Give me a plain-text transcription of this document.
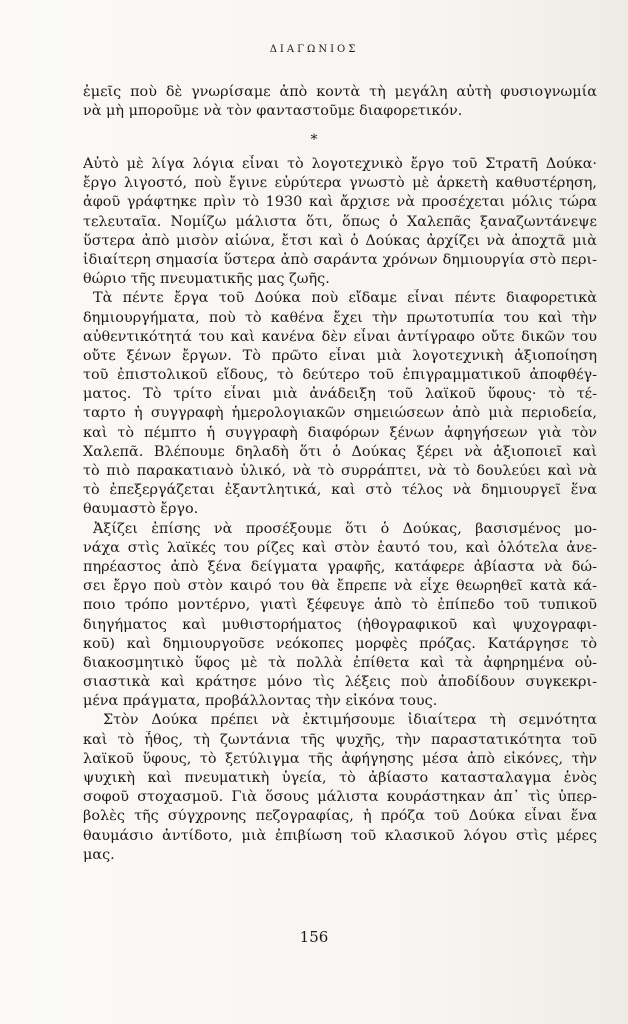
ΔΙΑΓΩΝΙΟΣ
ἐμεῖς ποὺ δὲ γνωρίσαμε ἀπὸ κοντὰ τὴ μεγάλη αὐτὴ φυσιογνωμία
νὰ μὴ μποροῦμε νὰ τὸν φανταστοῦμε διαφορετικόν.
*
Αὐτὸ μὲ λίγα λόγια εἶναι τὸ λογοτεχνικὸ ἔργο τοῦ Στρατῆ Δούκα·
ἔργο λιγοστό, ποὺ ἔγινε εὐρύτερα γνωστὸ μὲ ἀρκετὴ καθυστέρηση,
ἀφοῦ γράφτηκε πρὶν τὸ 1930 καὶ ἄρχισε νὰ προσέχεται μόλις τώρα
τελευταῖα. Νομίζω μάλιστα ὅτι, ὅπως ὁ Χαλεπᾶς ξαναζωντάνεψε
ὕστερα ἀπὸ μισὸν αἰώνα, ἔτσι καὶ ὁ Δούκας ἀρχίζει νὰ ἀποχτᾶ μιὰ
ἰδιαίτερη σημασία ὕστερα ἀπὸ σαράντα χρόνων δημιουργία στὸ περι-
θώριο τῆς πνευματικῆς μας ζωῆς.
Τὰ πέντε ἔργα τοῦ Δούκα ποὺ εἴδαμε εἶναι πέντε διαφορετικὰ
δημιουργήματα, ποὺ τὸ καθένα ἔχει τὴν πρωτοτυπία του καὶ τὴν
αὐθεντικότητά του καὶ κανένα δὲν εἶναι ἀντίγραφο οὔτε δικῶν του
οὔτε ξένων ἔργων. Τὸ πρῶτο εἶναι μιὰ λογοτεχνικὴ ἀξιοποίηση
τοῦ ἐπιστολικοῦ εἴδους, τὸ δεύτερο τοῦ ἐπιγραμματικοῦ ἀποφθέγ-
ματος. Τὸ τρίτο εἶναι μιὰ ἀνάδειξη τοῦ λαϊκοῦ ὕφους· τὸ τέ-
ταρτο ἡ συγγραφὴ ἡμερολογιακῶν σημειώσεων ἀπὸ μιὰ περιοδεία,
καὶ τὸ πέμπτο ἡ συγγραφὴ διαφόρων ξένων ἀφηγήσεων γιὰ τὸν
Χαλεπᾶ. Βλέπουμε δηλαδὴ ὅτι ὁ Δούκας ξέρει νὰ ἀξιοποιεῖ καὶ
τὸ πιὸ παρακατιανὸ ὑλικό, νὰ τὸ συρράπτει, νὰ τὸ δουλεύει καὶ νὰ
τὸ ἐπεξεργάζεται ἐξαντλητικά, καὶ στὸ τέλος νὰ δημιουργεῖ ἕνα
θαυμαστὸ ἔργο.
Ἀξίζει ἐπίσης νὰ προσέξουμε ὅτι ὁ Δούκας, βασισμένος μο-
νάχα στὶς λαϊκές του ρίζες καὶ στὸν ἑαυτό του, καὶ ὁλότελα ἀνε-
πηρέαστος ἀπὸ ξένα δείγματα γραφῆς, κατάφερε ἀβίαστα νὰ δώ-
σει ἔργο ποὺ στὸν καιρό του θὰ ἔπρεπε νὰ εἶχε θεωρηθεῖ κατὰ κά-
ποιο τρόπο μοντέρνο, γιατὶ ξέφευγε ἀπὸ τὸ ἐπίπεδο τοῦ τυπικοῦ
διηγήματος καὶ μυθιστορήματος (ἠθογραφικοῦ καὶ ψυχογραφι-
κοῦ) καὶ δημιουργοῦσε νεόκοπες μορφὲς πρόζας. Κατάργησε τὸ
διακοσμητικὸ ὕφος μὲ τὰ πολλὰ ἐπίθετα καὶ τὰ ἀφηρημένα οὐ-
σιαστικὰ καὶ κράτησε μόνο τὶς λέξεις ποὺ ἀποδίδουν συγκεκρι-
μένα πράγματα, προβάλλοντας τὴν εἰκόνα τους.
Στὸν Δούκα πρέπει νὰ ἐκτιμήσουμε ἰδιαίτερα τὴ σεμνότητα
καὶ τὸ ἦθος, τὴ ζωντάνια τῆς ψυχῆς, τὴν παραστατικότητα τοῦ
λαϊκοῦ ὕφους, τὸ ξετύλιγμα τῆς ἀφήγησης μέσα ἀπὸ εἰκόνες, τὴν
ψυχικὴ καὶ πνευματικὴ ὑγεία, τὸ ἀβίαστο κατασταλαγμα ἑνὸς
σοφοῦ στοχασμοῦ. Γιὰ ὅσους μάλιστα κουράστηκαν ἀπ᾿ τὶς ὑπερ-
βολὲς τῆς σύγχρονης πεζογραφίας, ἡ πρόζα τοῦ Δούκα εἶναι ἕνα
θαυμάσιο ἀντίδοτο, μιὰ ἐπιβίωση τοῦ κλασικοῦ λόγου στὶς μέρες
μας.
156
